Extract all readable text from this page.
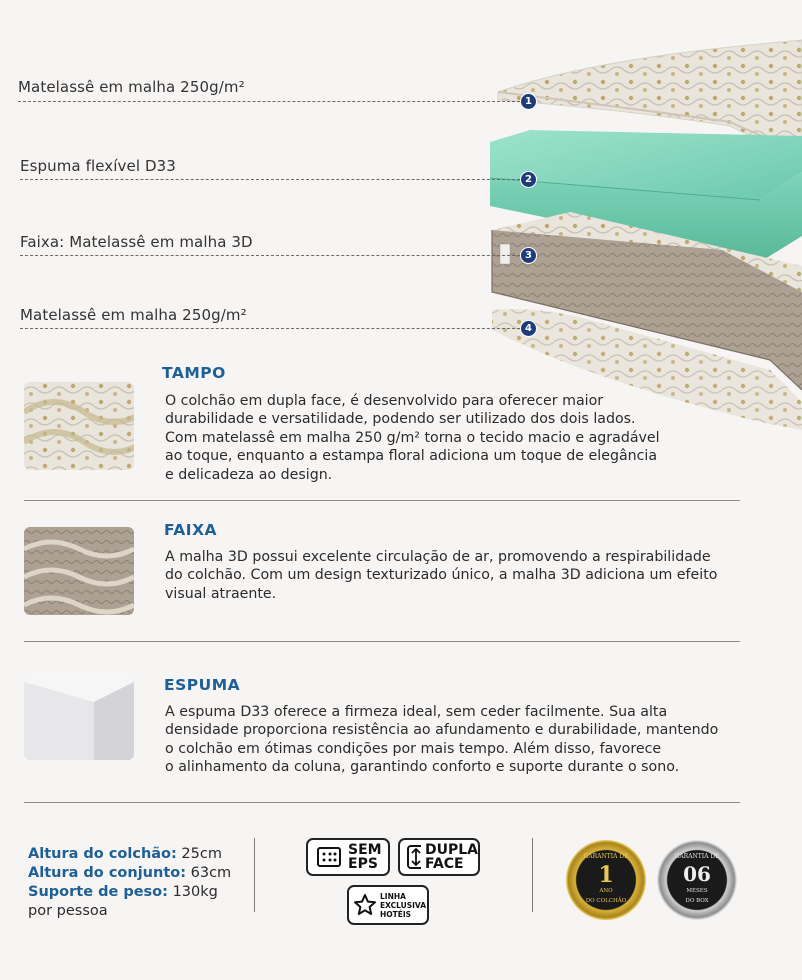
Matelassê em malha 250g/m²
1
Espuma flexível D33
2
Faixa: Matelassê em malha 3D
3
Matelassê em malha 250g/m²
4
TAMPO
O colchão em dupla face, é desenvolvido para oferecer maior
durabilidade e versatilidade, podendo ser utilizado dos dois lados.
Com matelassê em malha 250 g/m² torna o tecido macio e agradável
ao toque, enquanto a estampa floral adiciona um toque de elegância
e delicadeza ao design.
FAIXA
A malha 3D possui excelente circulação de ar, promovendo a respirabilidade
do colchão. Com um design texturizado único, a malha 3D adiciona um efeito
visual atraente.
ESPUMA
A espuma D33 oferece a firmeza ideal, sem ceder facilmente. Sua alta
densidade proporciona resistência ao afundamento e durabilidade, mantendo
o colchão em ótimas condições por mais tempo. Além disso, favorece
o alinhamento da coluna, garantindo conforto e suporte durante o sono.
Altura do colchão: 25cm
Altura do conjunto: 63cm
Suporte de peso: 130kg
por pessoa
SEM
EPS
DUPLA
FACE
LINHA
EXCLUSIVA
HOTÉIS
GARANTIA DE
1
ANO
DO COLCHÃO
GARANTIA DE
06
MESES
DO BOX
